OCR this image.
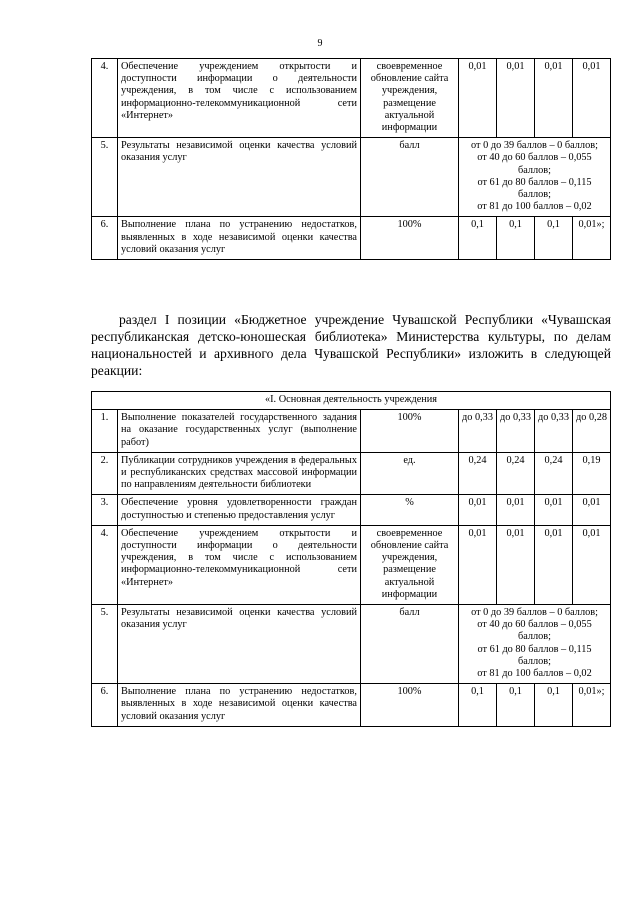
9
4.	Обеспечение учреждением открытости и доступности информации о деятельности учреждения, в том числе с использованием информационно-телекоммуникационной сети «Интернет»	своевременное обновление сайта учреждения, размещение актуальной информации	0,01	0,01	0,01	0,01
5.	Результаты независимой оценки качества условий оказания услуг	балл	от 0 до 39 баллов – 0 баллов;
от 40 до 60 баллов – 0,055 баллов;
от 61 до 80 баллов – 0,115 баллов;
от 81 до 100 баллов – 0,02			

6.	Выполнение плана по устранению недостатков, выявленных в ходе независимой оценки качества условий оказания услуг	100%	0,1	0,1	0,1	0,01»;
раздел I позиции «Бюджетное учреждение Чувашской Республики «Чувашская республиканская детско-юношеская библиотека» Министерства культуры, по делам национальностей и архивного дела Чувашской Республики» изложить в следующей реакции:
«I. Основная деятельность учреждения						
1.	Выполнение показателей государственного задания на оказание государственных услуг (выполнение работ)	100%	до 0,33	до 0,33	до 0,33	до 0,28
2.	Публикации сотрудников учреждения в федеральных и республиканских средствах массовой информации по направлениям деятельности библиотеки	ед.	0,24	0,24	0,24	0,19
3.	Обеспечение уровня удовлетворенности граждан доступностью и степенью предоставления услуг	%	0,01	0,01	0,01	0,01
4.	Обеспечение учреждением открытости и доступности информации о деятельности учреждения, в том числе с использованием информационно-телекоммуникационной сети «Интернет»	своевременное обновление сайта учреждения, размещение актуальной информации	0,01	0,01	0,01	0,01
5.	Результаты независимой оценки качества условий оказания услуг	балл	от 0 до 39 баллов – 0 баллов;
от 40 до 60 баллов – 0,055 баллов;
от 61 до 80 баллов – 0,115 баллов;
от 81 до 100 баллов – 0,02			

6.	Выполнение плана по устранению недостатков, выявленных в ходе независимой оценки качества условий оказания услуг	100%	0,1	0,1	0,1	0,01»;
